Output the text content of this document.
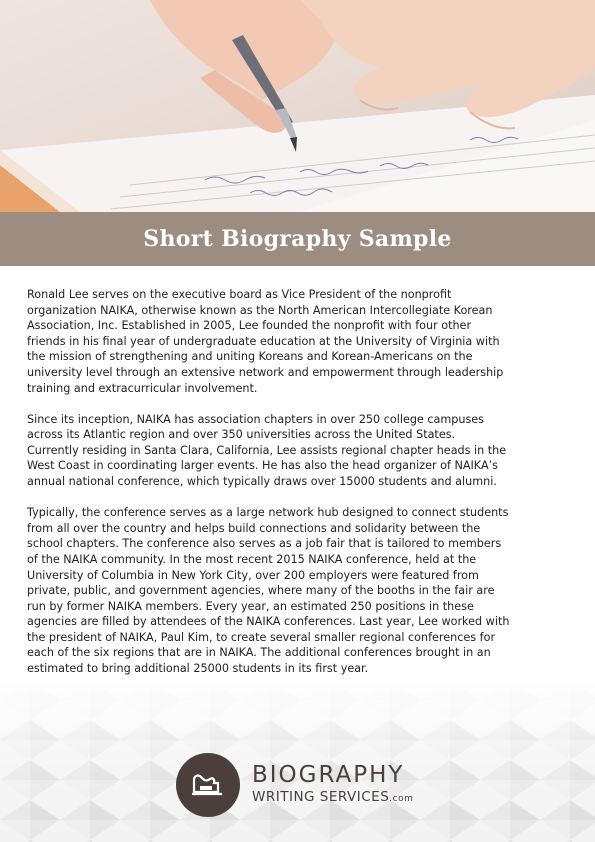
Short Biography Sample

Ronald Lee serves on the executive board as Vice President of the nonprofit
organization NAIKA, otherwise known as the North American Intercollegiate Korean
Association, Inc. Established in 2005, Lee founded the nonprofit with four other
friends in his final year of undergraduate education at the University of Virginia with
the mission of strengthening and uniting Koreans and Korean-Americans on the
university level through an extensive network and empowerment through leadership
training and extracurricular involvement.

Since its inception, NAIKA has association chapters in over 250 college campuses
across its Atlantic region and over 350 universities across the United States.
Currently residing in Santa Clara, California, Lee assists regional chapter heads in the
West Coast in coordinating larger events. He has also the head organizer of NAIKA’s
annual national conference, which typically draws over 15000 students and alumni.

Typically, the conference serves as a large network hub designed to connect students
from all over the country and helps build connections and solidarity between the
school chapters. The conference also serves as a job fair that is tailored to members
of the NAIKA community. In the most recent 2015 NAIKA conference, held at the
University of Columbia in New York City, over 200 employers were featured from
private, public, and government agencies, where many of the booths in the fair are
run by former NAIKA members. Every year, an estimated 250 positions in these
agencies are filled by attendees of the NAIKA conferences. Last year, Lee worked with
the president of NAIKA, Paul Kim, to create several smaller regional conferences for
each of the six regions that are in NAIKA. The additional conferences brought in an
estimated to bring additional 25000 students in its first year.

BIOGRAPHY
WRITING SERVICES.com
